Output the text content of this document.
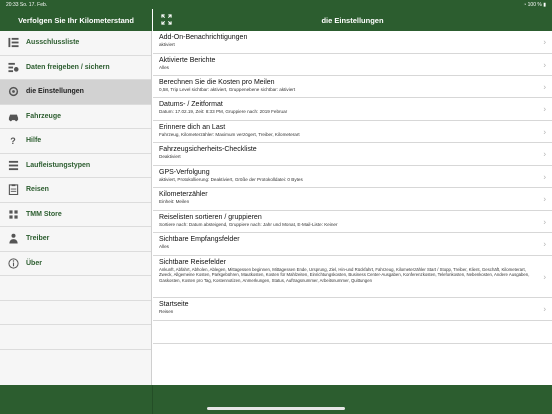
20:33 So. 17. Feb.	◔ 100 % ▮
Verfolgen Sie Ihr Kilometerstand	die Einstellungen
Ausschlussliste
Daten freigeben / sichern
die Einstellungen
Fahrzeuge
? Hilfe
Laufleistungstypen
Reisen
TMM Store
Treiber
Über
Add-On-Benachrichtigungen
aktiviert	›
Aktivierte Berichte
Alles	›
Berechnen Sie die Kosten pro Meilen
0,58, Trip Level sichtbar: aktiviert, Gruppenebene sichtbar: aktiviert	›
Datums- / Zeitformat
Datum: 17.02.19, Zeit: 8:33 PM, Gruppiere nach: 2019 Februar	›
Erinnere dich an Last
Fahrzeug, Kilometerzähler: Maximum verzögert, Treiber, Kilometerart	›
Fahrzeugsicherheits-Checkliste
Deaktiviert	›
GPS-Verfolgung
aktiviert, Protokollierung: Deaktiviert, Größe der Protokolldatei: 0 Bytes	›
Kilometerzähler
Einheit: Meilen	›
Reiselisten sortieren / gruppieren
Sortiere nach: Datum absteigend, Gruppiere nach: Jahr und Monat, E-Mail-Liste: Keiner	›
Sichtbare Empfangsfelder
Alles	›
Sichtbare Reisefelder
Ankunft, Abfahrt, Abholen, Ablegen, Mittagessen beginnen, Mittagessen Ende, Ursprung, Ziel, Hin-und Rückfahrt, Fahrzeug, Kilometerzähler Start / Stopp, Treiber, Klient, Geschäft, Kilometerart, Zweck, Allgemeine Kosten, Parkgebühren, Mautkosten, Kosten für Mahlzeiten, Einrichtungskosten, Business Center-Ausgaben, Konferenzkosten, Telefonkosten, Nebenkosten, Andere Ausgaben, Gaskosten, Kosten pro Tag, Kostennotizen, Anmerkungen, Status, Auftragsnummer, Arbeitsnummer, Quittungen	›
Startseite
Reisen	›
